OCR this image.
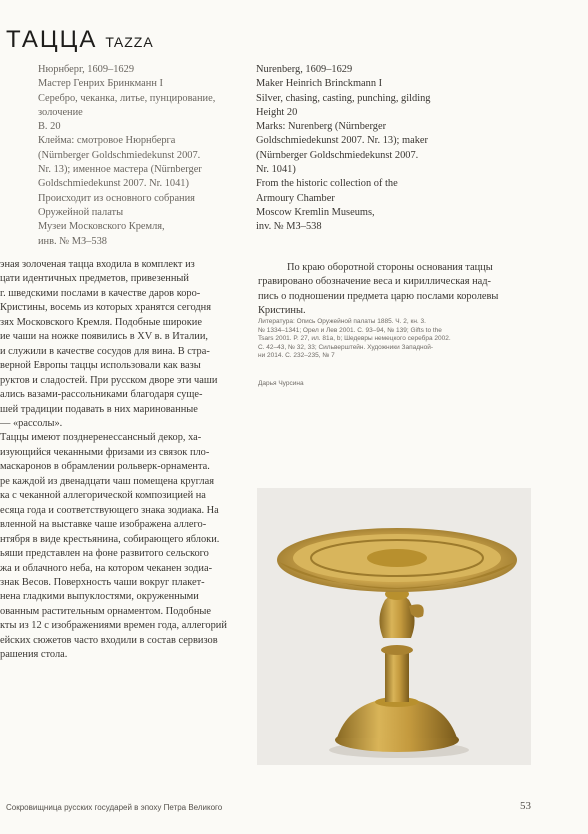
ТАЦЦА TAZZA

Нюрнберг, 1609–1629

Мастер Генрих Бринкманн I

Серебро, чеканка, литье, пунцирование,

золочение

В. 20

Клейма: смотровое Нюрнберга

(Nürnberger Goldschmiedekunst 2007.

Nr. 13); именное мастера (Nürnberger

Goldschmiedekunst 2007. Nr. 1041)

Происходит из основного собрания

Оружейной палаты

Музеи Московского Кремля,

инв. № МЗ–538

Nurenberg, 1609–1629

Maker Heinrich Brinckmann I

Silver, chasing, casting, punching, gilding

Height 20

Marks: Nurenberg (Nürnberger

Goldschmiedekunst 2007. Nr. 13); maker

(Nürnberger Goldschmiedekunst 2007.

Nr. 1041)

From the historic collection of the

Armoury Chamber

Moscow Kremlin Museums,

inv. № МЗ–538

эная золоченая тацца входила в комплект из

цати идентичных предметов, привезенный

г. шведскими послами в качестве даров коро-

Кристины, восемь из которых хранятся сегодня

зях Московского Кремля. Подобные широкие

ие чаши на ножке появились в XV в. в Италии,

и служили в качестве сосудов для вина. В стра-

верной Европы таццы использовали как вазы

руктов и сладостей. При русском дворе эти чаши

ались вазами-рассольниками благодаря суще-

шей традиции подавать в них маринованные

— «рассолы».

Таццы имеют позднеренессансный декор, ха-

изующийся чеканными фризами из связок пло-

маскаронов в обрамлении рольверк-орнамента.

ре каждой из двенадцати чаш помещена круглая

ка с чеканной аллегорической композицией на

есяца года и соответствующего знака зодиака. На

вленной на выставке чаше изображена аллего-

нтября в виде крестьянина, собирающего яблоки.

ьяши представлен на фоне развитого сельского

жа и облачного неба, на котором чеканен зодиа-

знак Весов. Поверхность чаши вокруг плакет-

нена гладкими выпуклостями, окруженными

ованным растительным орнаментом. Подобные

кты из 12 с изображениями времен года, аллегорий

ейских сюжетов часто входили в состав сервизов

рашения стола.

По краю оборотной стороны основания таццы

гравировано обозначение веса и кириллическая над-

пись о подношении предмета царю послами королевы

Кристины.

Литература: Опись Оружейной палаты 1885. Ч. 2, кн. 3.

№ 1334–1341; Орел и Лев 2001. С. 93–94, № 139; Gifts to the

Tsars 2001. P. 27, ил. 81а, b; Шедевры немецкого серебра 2002.

С. 42–43, № 32, 33; Сильверштейн. Художники Западной-

ни 2014. С. 232–235, № 7

Дарья Чурсина
Сокровищница русских государей в эпоху Петра Великого	53
